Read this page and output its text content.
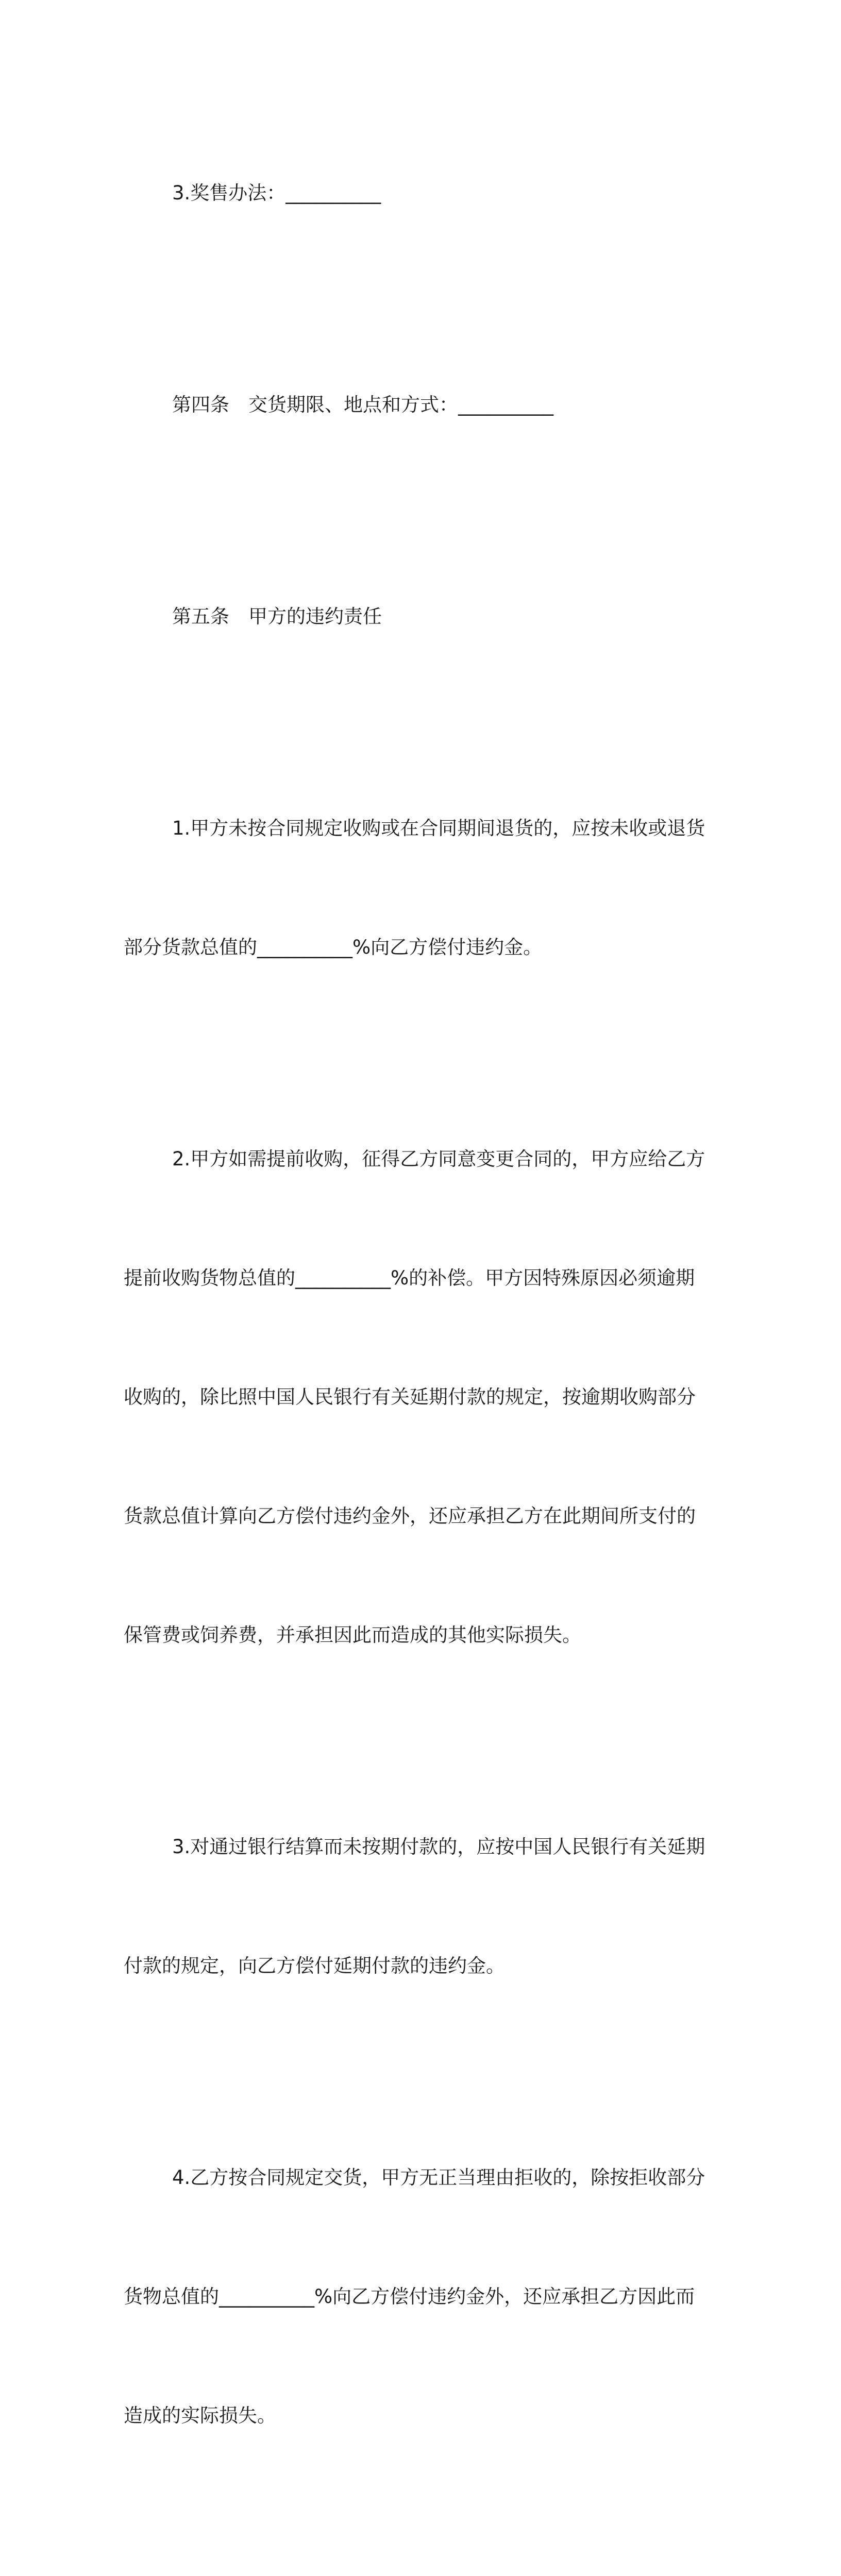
3.奖售办法：__________

第四条　交货期限、地点和方式：__________

第五条　甲方的违约责任

1.甲方未按合同规定收购或在合同期间退货的，应按未收或退货

部分货款总值的__________%向乙方偿付违约金。

2.甲方如需提前收购，征得乙方同意变更合同的，甲方应给乙方

提前收购货物总值的__________%的补偿。甲方因特殊原因必须逾期

收购的，除比照中国人民银行有关延期付款的规定，按逾期收购部分

货款总值计算向乙方偿付违约金外，还应承担乙方在此期间所支付的

保管费或饲养费，并承担因此而造成的其他实际损失。

3.对通过银行结算而未按期付款的，应按中国人民银行有关延期

付款的规定，向乙方偿付延期付款的违约金。

4.乙方按合同规定交货，甲方无正当理由拒收的，除按拒收部分

货物总值的__________%向乙方偿付违约金外，还应承担乙方因此而

造成的实际损失。
